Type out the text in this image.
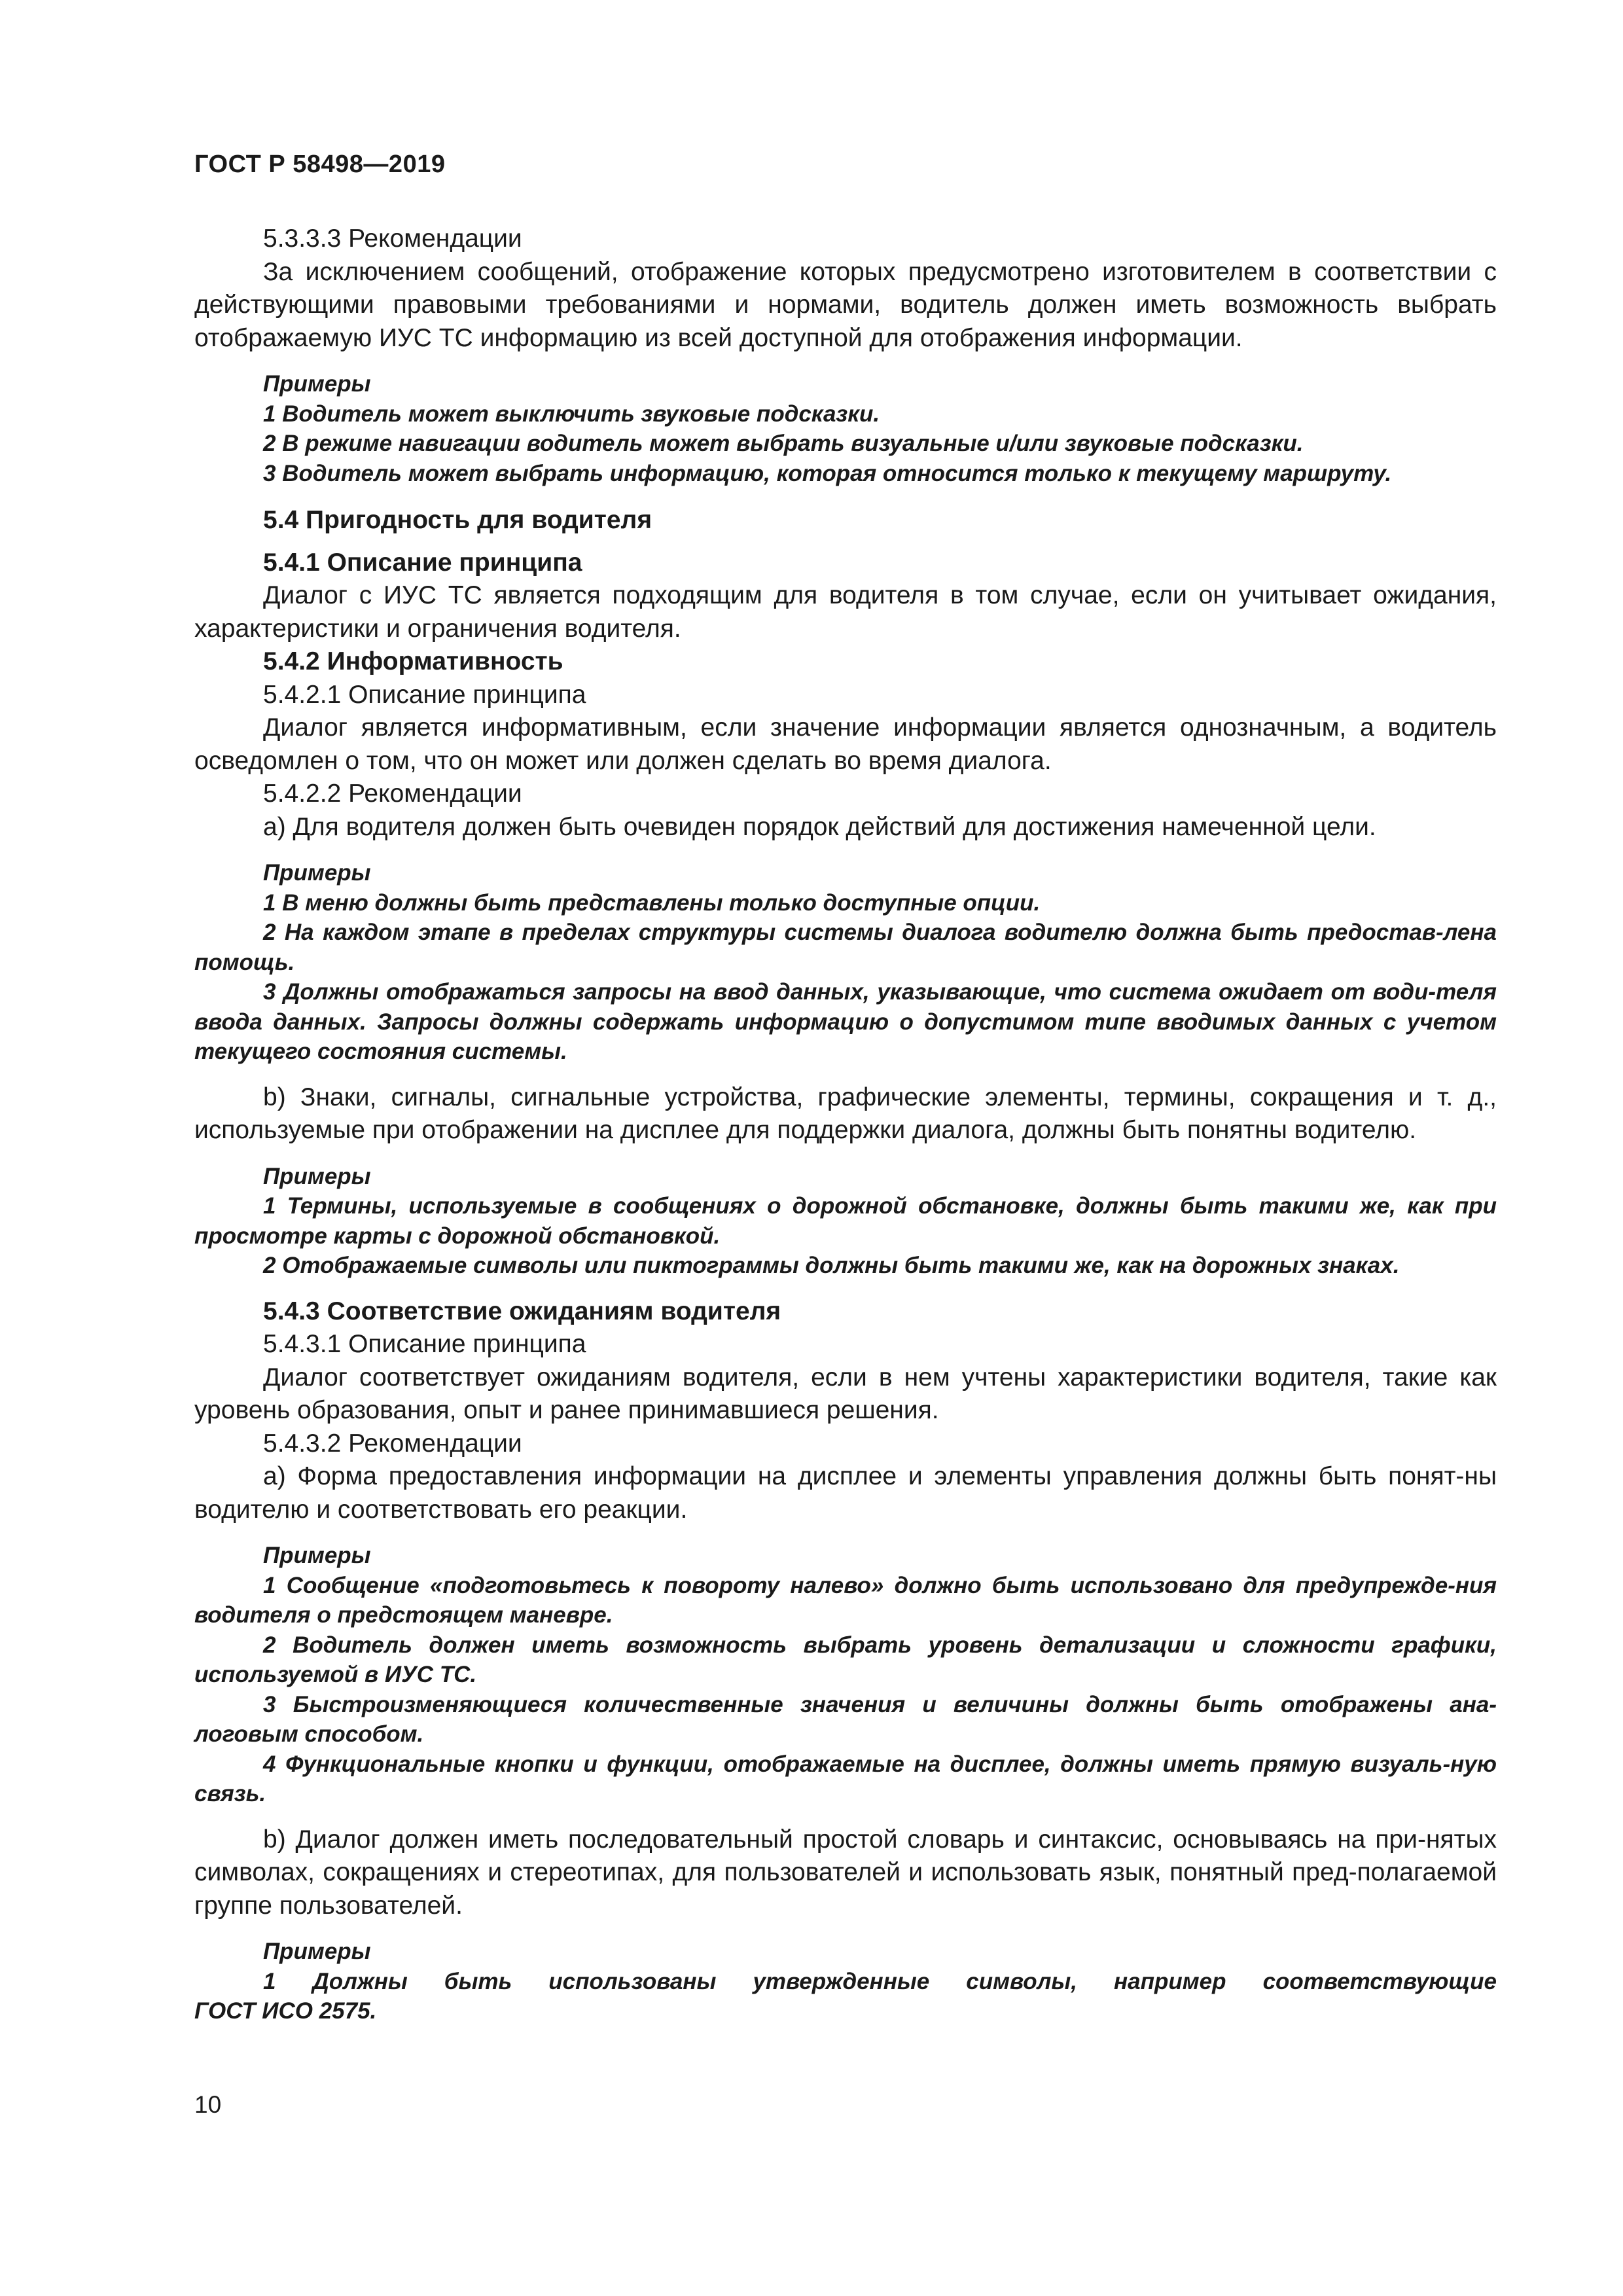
ГОСТ Р 58498—2019

5.3.3.3 Рекомендации

За исключением сообщений, отображение которых предусмотрено изготовителем в соответствии с действующими правовыми требованиями и нормами, водитель должен иметь возможность выбрать отображаемую ИУС ТС информацию из всей доступной для отображения информации.

Примеры

1 Водитель может выключить звуковые подсказки.

2 В режиме навигации водитель может выбрать визуальные и/или звуковые подсказки.

3 Водитель может выбрать информацию, которая относится только к текущему маршруту.

5.4 Пригодность для водителя

5.4.1 Описание принципа

Диалог с ИУС ТС является подходящим для водителя в том случае, если он учитывает ожидания, характеристики и ограничения водителя.

5.4.2 Информативность

5.4.2.1 Описание принципа

Диалог является информативным, если значение информации является однозначным, а водитель осведомлен о том, что он может или должен сделать во время диалога.

5.4.2.2 Рекомендации

а) Для водителя должен быть очевиден порядок действий для достижения намеченной цели.

Примеры

1 В меню должны быть представлены только доступные опции.

2 На каждом этапе в пределах структуры системы диалога водителю должна быть предостав-лена помощь.

3 Должны отображаться запросы на ввод данных, указывающие, что система ожидает от води-теля ввода данных. Запросы должны содержать информацию о допустимом типе вводимых данных с учетом текущего состояния системы.

b) Знаки, сигналы, сигнальные устройства, графические элементы, термины, сокращения и т. д., используемые при отображении на дисплее для поддержки диалога, должны быть понятны водителю.

Примеры

1 Термины, используемые в сообщениях о дорожной обстановке, должны быть такими же, как при просмотре карты с дорожной обстановкой.

2 Отображаемые символы или пиктограммы должны быть такими же, как на дорожных знаках.

5.4.3 Соответствие ожиданиям водителя

5.4.3.1 Описание принципа

Диалог соответствует ожиданиям водителя, если в нем учтены характеристики водителя, такие как уровень образования, опыт и ранее принимавшиеся решения.

5.4.3.2 Рекомендации

а) Форма предоставления информации на дисплее и элементы управления должны быть понят-ны водителю и соответствовать его реакции.

Примеры

1 Сообщение «подготовьтесь к повороту налево» должно быть использовано для предупрежде-ния водителя о предстоящем маневре.

2 Водитель должен иметь возможность выбрать уровень детализации и сложности графики, используемой в ИУС ТС.

3 Быстроизменяющиеся количественные значения и величины должны быть отображены ана-логовым способом.

4 Функциональные кнопки и функции, отображаемые на дисплее, должны иметь прямую визуаль-ную связь.

b) Диалог должен иметь последовательный простой словарь и синтаксис, основываясь на при-нятых символах, сокращениях и стереотипах, для пользователей и использовать язык, понятный пред-полагаемой группе пользователей.

Примеры

1 Должны быть использованы утвержденные символы, например соответствующие

ГОСТ ИСО 2575.

10
